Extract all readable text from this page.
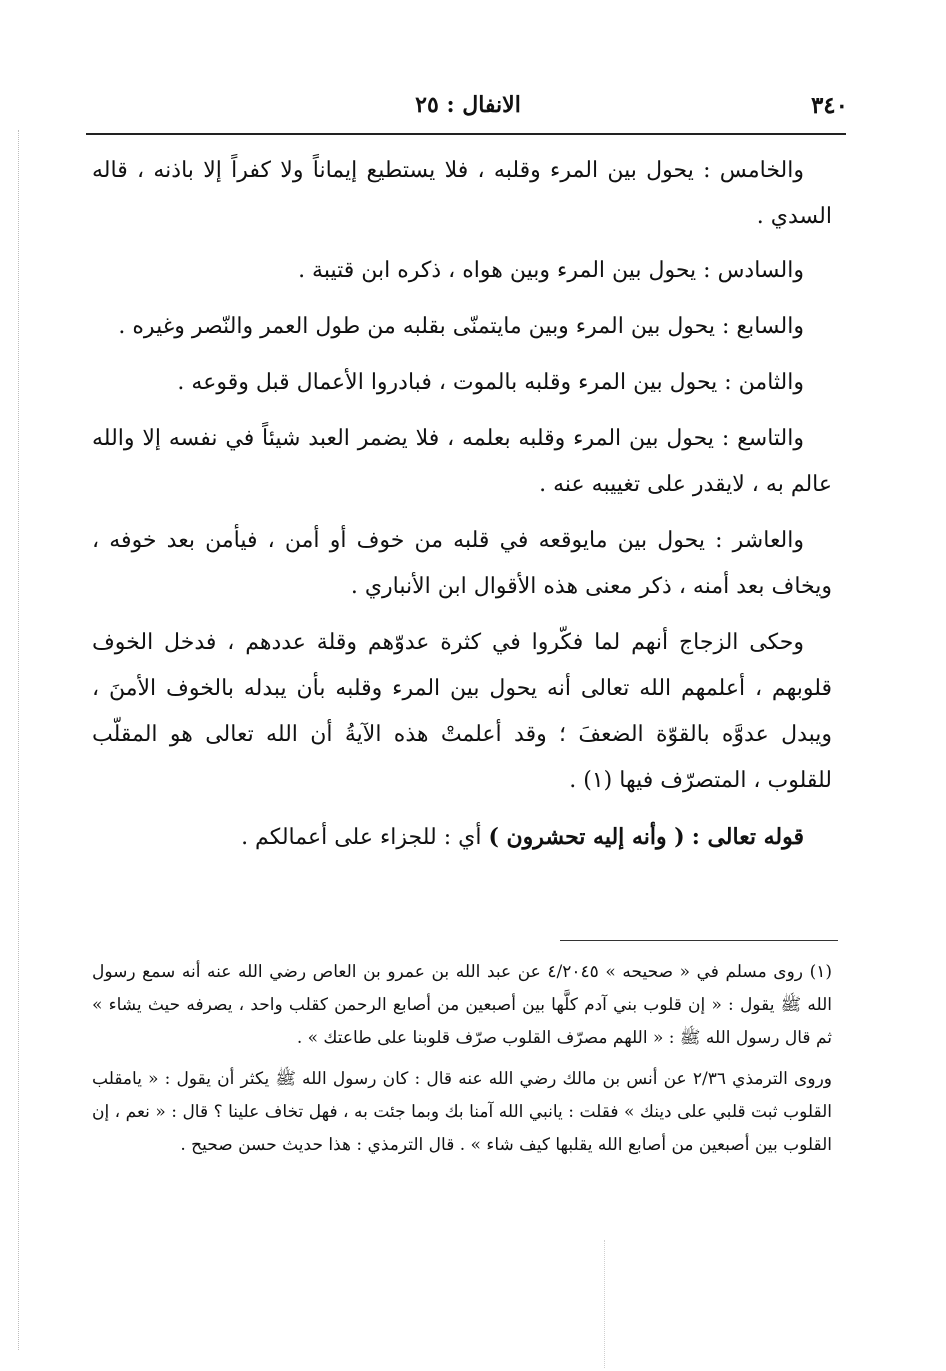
٣٤٠
الانفال : ٢٥

والخامس : يحول بين المرء وقلبه ، فلا يستطيع إيماناً ولا كفراً إلا باذنه ، قاله السدي .

والسادس : يحول بين المرء وبين هواه ، ذكره ابن قتيبة .

والسابع : يحول بين المرء وبين مايتمنّى بقلبه من طول العمر والنّصر وغيره .

والثامن : يحول بين المرء وقلبه بالموت ، فبادروا الأعمال قبل وقوعه .

والتاسع : يحول بين المرء وقلبه بعلمه ، فلا يضمر العبد شيئاً في نفسه إلا والله عالم به ، لايقدر على تغييبه عنه .

والعاشر : يحول بين مايوقعه في قلبه من خوف أو أمن ، فيأمن بعد خوفه ، ويخاف بعد أمنه ، ذكر معنى هذه الأقوال ابن الأنباري .

وحكى الزجاج أنهم لما فكّروا في كثرة عدوّهم وقلة عددهم ، فدخل الخوف قلوبهم ، أعلمهم الله تعالى أنه يحول بين المرء وقلبه بأن يبدله بالخوف الأمنَ ، ويبدل عدوَّه بالقوّة الضعفَ ؛ وقد أعلمتْ هذه الآيةُ أن الله تعالى هو المقلّب للقلوب ، المتصرّف فيها (١) .

قوله تعالى : ( وأنه إليه تحشرون ) أي : للجزاء على أعمالكم .

(١) روى مسلم في « صحيحه » ٤/٢٠٤٥ عن عبد الله بن عمرو بن العاص رضي الله عنه أنه سمع رسول الله ﷺ يقول : « إن قلوب بني آدم كلَّها بين أصبعين من أصابع الرحمن كقلب واحد ، يصرفه حيث يشاء » ثم قال رسول الله ﷺ : « اللهم مصرّف القلوب صرّف قلوبنا على طاعتك » .

وروى الترمذي ٢/٣٦ عن أنس بن مالك رضي الله عنه قال : كان رسول الله ﷺ يكثر أن يقول : « يامقلب القلوب ثبت قلبي على دينك » فقلت : يانبي الله آمنا بك وبما جئت به ، فهل تخاف علينا ؟ قال : « نعم ، إن القلوب بين أصبعين من أصابع الله يقلبها كيف شاء » . قال الترمذي : هذا حديث حسن صحيح .
